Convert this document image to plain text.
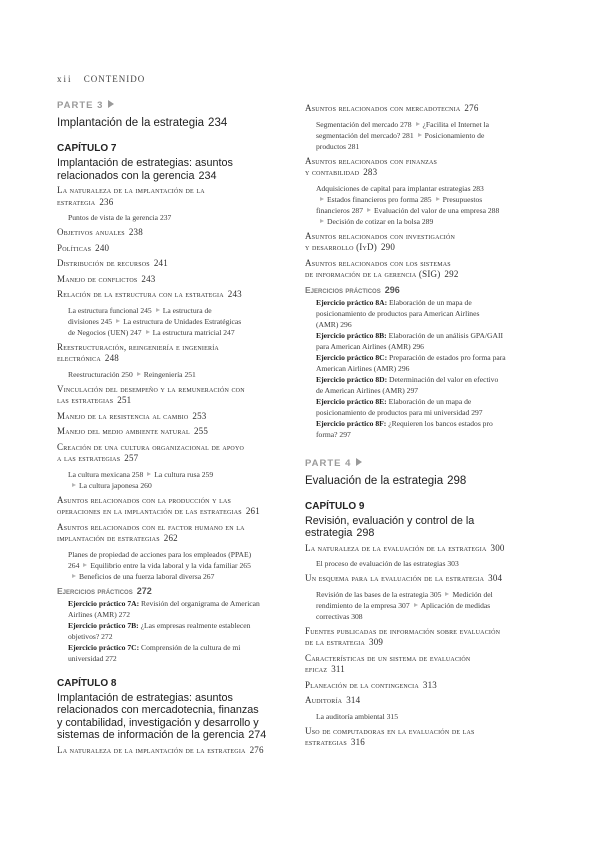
xii CONTENIDO
PARTE 3
Implantación de la estrategia 234
CAPÍTULO 7
Implantación de estrategias: asuntos
relacionados con la gerencia 234
La naturaleza de la implantación de la
estrategia 236
Puntos de vista de la gerencia 237
Objetivos anuales 238
Políticas 240
Distribución de recursos 241
Manejo de conflictos 243
Relación de la estructura con la estrategia 243
La estructura funcional 245 La estructura de
divisiones 245 La estructura de Unidades Estratégicas
de Negocios (UEN) 247 La estructura matricial 247
Reestructuración, reingeniería e ingeniería
electrónica 248
Reestructuración 250 Reingeniería 251
Vinculación del desempeño y la remuneración con
las estrategias 251
Manejo de la resistencia al cambio 253
Manejo del medio ambiente natural 255
Creación de una cultura organizacional de apoyo
a las estrategias 257
La cultura mexicana 258 La cultura rusa 259
La cultura japonesa 260
Asuntos relacionados con la producción y las
operaciones en la implantación de las estrategias 261
Asuntos relacionados con el factor humano en la
implantación de estrategias 262
Planes de propiedad de acciones para los empleados (PPAE)
264 Equilibrio entre la vida laboral y la vida familiar 265
Beneficios de una fuerza laboral diversa 267
Ejercicios prácticos 272
Ejercicio práctico 7A: Revisión del organigrama de American
Airlines (AMR) 272
Ejercicio práctico 7B: ¿Las empresas realmente establecen
objetivos? 272
Ejercicio práctico 7C: Comprensión de la cultura de mi
universidad 272
CAPÍTULO 8
Implantación de estrategias: asuntos
relacionados con mercadotecnia, finanzas
y contabilidad, investigación y desarrollo y
sistemas de información de la gerencia 274
La naturaleza de la implantación de la estrategia 276
Asuntos relacionados con mercadotecnia 276
Segmentación del mercado 278 ¿Facilita el Internet la
segmentación del mercado? 281 Posicionamiento de
productos 281
Asuntos relacionados con finanzas
y contabilidad 283
Adquisiciones de capital para implantar estrategias 283
Estados financieros pro forma 285 Presupuestos
financieros 287 Evaluación del valor de una empresa 288
Decisión de cotizar en la bolsa 289
Asuntos relacionados con investigación
y desarrollo (IyD) 290
Asuntos relacionados con los sistemas
de información de la gerencia (SIG) 292
Ejercicios prácticos 296
Ejercicio práctico 8A: Elaboración de un mapa de
posicionamiento de productos para American Airlines
(AMR) 296
Ejercicio práctico 8B: Elaboración de un análisis GPA/GAII
para American Airlines (AMR) 296
Ejercicio práctico 8C: Preparación de estados pro forma para
American Airlines (AMR) 296
Ejercicio práctico 8D: Determinación del valor en efectivo
de American Airlines (AMR) 297
Ejercicio práctico 8E: Elaboración de un mapa de
posicionamiento de productos para mi universidad 297
Ejercicio práctico 8F: ¿Requieren los bancos estados pro
forma? 297
PARTE 4
Evaluación de la estrategia 298
CAPÍTULO 9
Revisión, evaluación y control de la
estrategia 298
La naturaleza de la evaluación de la estrategia 300
El proceso de evaluación de las estrategias 303
Un esquema para la evaluación de la estrategia 304
Revisión de las bases de la estrategia 305 Medición del
rendimiento de la empresa 307 Aplicación de medidas
correctivas 308
Fuentes publicadas de información sobre evaluación
de la estrategia 309
Características de un sistema de evaluación
eficaz 311
Planeación de la contingencia 313
Auditoría 314
La auditoría ambiental 315
Uso de computadoras en la evaluación de las
estrategias 316
